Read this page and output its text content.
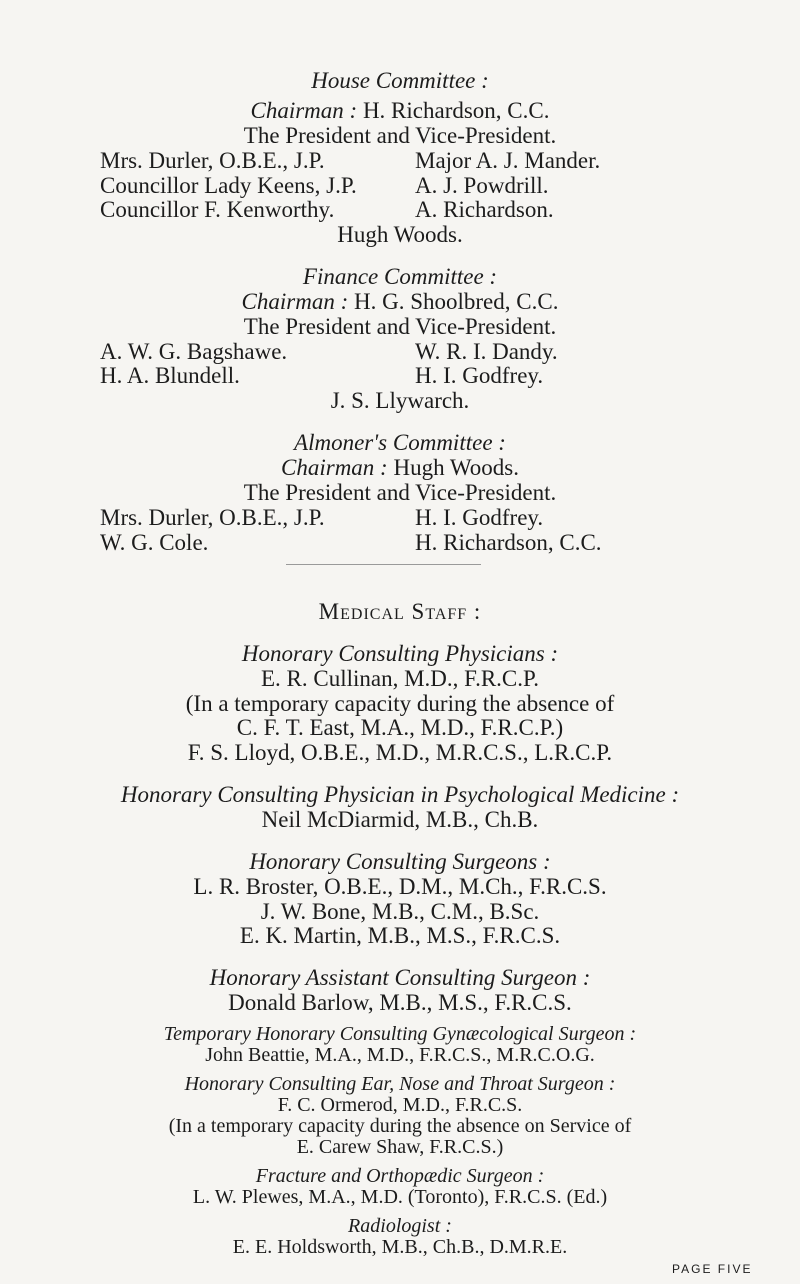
House Committee :
Chairman : H. Richardson, C.C.
The President and Vice-President.
Mrs. Durler, O.B.E., J.P.	Major A. J. Mander.
Councillor Lady Keens, J.P.	A. J. Powdrill.
Councillor F. Kenworthy.	A. Richardson.
Hugh Woods.
Finance Committee :
Chairman : H. G. Shoolbred, C.C.
The President and Vice-President.
A. W. G. Bagshawe.	W. R. I. Dandy.
H. A. Blundell.	H. I. Godfrey.
J. S. Llywarch.
Almoner's Committee :
Chairman : Hugh Woods.
The President and Vice-President.
Mrs. Durler, O.B.E., J.P.	H. I. Godfrey.
W. G. Cole.	H. Richardson, C.C.
Medical Staff :
Honorary Consulting Physicians :
E. R. Cullinan, M.D., F.R.C.P.
(In a temporary capacity during the absence of
C. F. T. East, M.A., M.D., F.R.C.P.)
F. S. Lloyd, O.B.E., M.D., M.R.C.S., L.R.C.P.
Honorary Consulting Physician in Psychological Medicine :
Neil McDiarmid, M.B., Ch.B.
Honorary Consulting Surgeons :
L. R. Broster, O.B.E., D.M., M.Ch., F.R.C.S.
J. W. Bone, M.B., C.M., B.Sc.
E. K. Martin, M.B., M.S., F.R.C.S.
Honorary Assistant Consulting Surgeon :
Donald Barlow, M.B., M.S., F.R.C.S.
PAGE FIVE
Temporary Honorary Consulting Gynæcological Surgeon :
John Beattie, M.A., M.D., F.R.C.S., M.R.C.O.G.
Honorary Consulting Ear, Nose and Throat Surgeon :
F. C. Ormerod, M.D., F.R.C.S.
(In a temporary capacity during the absence on Service of
E. Carew Shaw, F.R.C.S.)
Fracture and Orthopædic Surgeon :
L. W. Plewes, M.A., M.D. (Toronto), F.R.C.S. (Ed.)
Radiologist :
E. E. Holdsworth, M.B., Ch.B., D.M.R.E.
